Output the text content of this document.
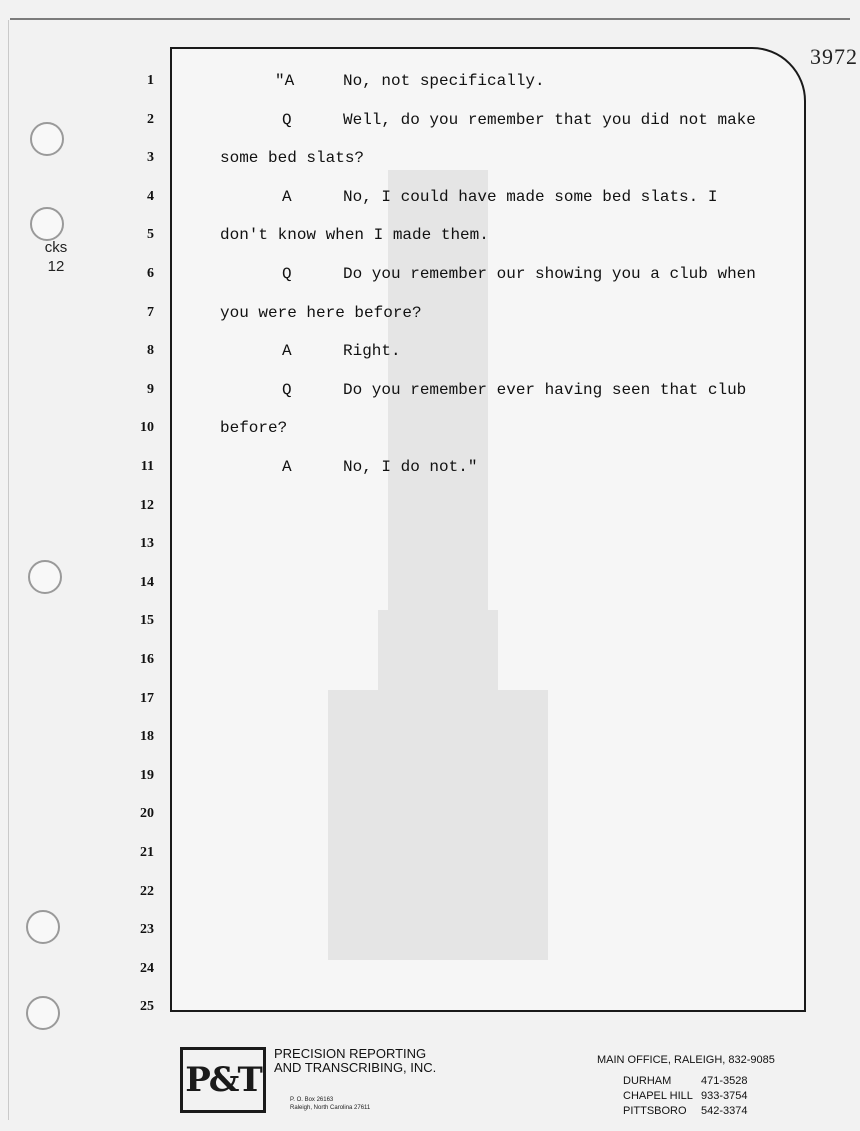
3972
cks
12
1
2
3
4
5
6
7
8
9
10
11
12
13
14
15
16
17
18
19
20
21
22
23
24
25
"A	No, not specifically.
Q	Well, do you remember that you did not make
some bed slats?
A	No, I could have made some bed slats. I
don't know when I made them.
Q	Do you remember our showing you a club when
you were here before?
A	Right.
Q	Do you remember ever having seen that club
before?
A	No, I do not."
P&T
PRECISION REPORTING
AND TRANSCRIBING, INC.
P. O. Box 26163
Raleigh, North Carolina 27611
MAIN OFFICE, RALEIGH, 832-9085
DURHAM	471-3528
CHAPEL HILL 933-3754
PITTSBORO	542-3374
